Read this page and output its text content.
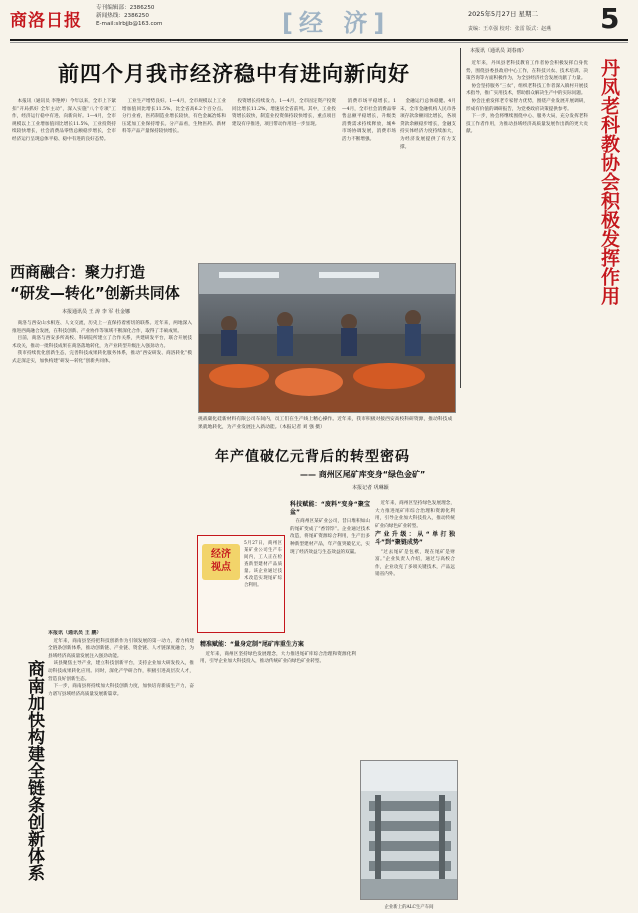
商洛日报
专刊编辑部：2386250
新闻热线：2386250
E-mail:slrbjjb@163.com	[经 济]	2025年5月27日 星期二
责编：王卓强 校对：张雷 版式：赵燕 5
前四个月我市经济稳中有进向新向好

本报讯（通讯员 李艳婷）今年以来，全市上下紧扣“开局抓好 全年主动”，深入实施“八个专项”工作，经济运行稳中有进、向新向好。1—4月，全市规模以上工业增加值同比增长11.5%，工业投资持续较快增长，社会消费品零售总额稳步增长，全市经济运行呈现总体平稳、稳中有进的良好态势。

工业生产增势良好。1—4月，全市规模以上工业增加值同比增长11.5%，比全省高6.2个百分点。分行业看，医药制造业增长较快，有色金属冶炼和压延加工业保持增长。分产品看，生物医药、新材料等产品产量保持较快增长。

投资增长持续发力。1—4月，全市固定资产投资同比增长11.2%，增速居全省前列。其中，工业投资增长较快，制造业投资保持较快增长，重点项目建设有序推进，项目带动作用进一步显现。

消费市场平稳增长。1—4月，全市社会消费品零售总额平稳增长，升级类消费需求持续释放，城乡市场协调发展，消费市场活力不断增强。

金融运行总体稳健。4月末，全市金融机构人民币各项存款余额同比增长，各项贷款余额稳步增长，金融支持实体经济力度持续加大，为经济发展提供了有力支撑。

本报讯（通讯员 刘春雨）
丹凤老科教协会积极发挥作用

近年来，丹凤县老科技教育工作者协会积极发挥自身优势，围绕县委县政府中心工作，在科技兴农、技术培训、决策咨询等方面积极作为，为全县经济社会发展贡献了力量。

协会坚持服务“三农”，组织老科技工作者深入镇村开展技术指导，推广实用技术，帮助群众解决生产中的实际问题。

协会注重发挥老专家智力优势，围绕产业发展开展调研，形成有价值的调研报告，为党委政府决策提供参考。

下一步，协会将继续围绕中心、服务大局，充分发挥老科技工作者作用，为推动县域经济高质量发展作出新的更大贡献。

西商融合：聚力打造
“研发—转化”创新共同体
本报通讯员 王 涛 李 军 杜金娜

商洛与西安山水相连、人文交流，历史上一直保持着密切的联系。近年来，两地深入推进西商融合发展，在科技创新、产业协作等领域不断深化合作，取得了丰硕成果。

目前，商洛与西安多所高校、科研院所建立了合作关系，共建研发平台，联合开展技术攻关，推动一批科技成果在商洛落地转化，为产业转型升级注入强劲动力。

我市持续优化创新生态，完善科技成果转化服务体系，推动“西安研发、商洛转化”模式走深走实，加快构建“研发—转化”创新共同体。

挑战碳化硅新材料有限公司车间内，员工们在生产线上精心操作。近年来，我市积极对接西安高校科研资源，推动科技成果就地转化，为产业发展注入新动能。（本报记者 刘 强 摄）
年产值破亿元背后的转型密码
—— 商州区尾矿库变身“绿色金矿”
本报记者 巩琳颖
科技赋能：“废料”变身“聚宝盆”

在商州区某矿业公司，昔日堆积如山的尾矿变成了“香饽饽”。企业通过技术改造，将尾矿资源综合利用，生产出多种新型建材产品，年产值突破亿元，实现了经济效益与生态效益的双赢。

近年来，商州区坚持绿色发展理念，大力推进尾矿库综合治理和资源化利用，引导企业加大科技投入，推动传统矿业向绿色矿业转型。

产业升级：从“单打独斗”到“聚链成势”

“过去尾矿是包袱，现在尾矿是财富。”企业负责人介绍，通过与高校合作，企业攻克了多项关键技术，产品远销省内外。

精准赋能：“量身定制”尾矿库重生方案

近年来，商州区坚持绿色发展理念，大力推进尾矿库综合治理和资源化利用，引导企业加大科技投入，推动传统矿业向绿色矿业转型。

经济
视点
5月27日，商州区某矿业公司生产车间内，工人正在检查新型建材产品质量。该企业通过技术改造实现尾矿综合利用。
企业新上的ALC生产车间
商南加快构建全链条创新体系
本报讯（通讯员 王 鹏）

近年来，商南县坚持把科技创新作为引领发展的第一动力，着力构建全链条创新体系，推动创新链、产业链、资金链、人才链深度融合，为县域经济高质量发展注入强劲动能。

该县聚焦主导产业，建立科技创新平台，支持企业加大研发投入，推动科技成果转化应用。同时，深化产学研合作，积极引进高层次人才，营造良好创新生态。

下一步，商南县将持续加大科技创新力度，加快培育新质生产力，奋力谱写县域经济高质量发展新篇章。
